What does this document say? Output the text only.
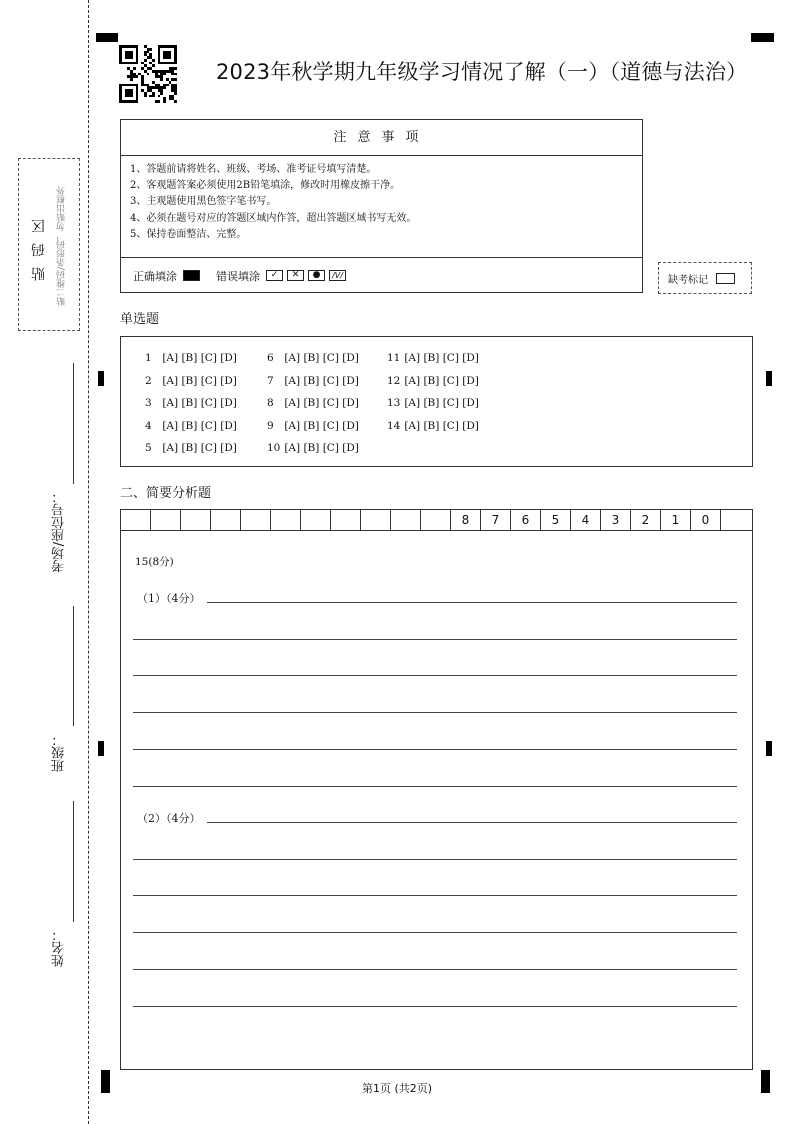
2023年秋学期九年级学习情况了解（一）（道德与法治）
注意事项
1、答题前请将姓名、班级、考场、准考证号填写清楚。
2、客观题答案必须使用2B铅笔填涂，修改时用橡皮擦干净。
3、主观题使用黑色签字笔书写。
4、必须在题号对应的答题区域内作答，超出答题区域书写无效。
5、保持卷面整洁、完整。
正确填涂	错误填涂	✓	✕	●	/V/
贴码区	贴二维码/条形码，勿贴出框外	缺考标记
单选题
1 [A] [B] [C] [D]
2 [A] [B] [C] [D]
3 [A] [B] [C] [D]
4 [A] [B] [C] [D]
5 [A] [B] [C] [D]
6 [A] [B] [C] [D]
7 [A] [B] [C] [D]
8 [A] [B] [C] [D]
9 [A] [B] [C] [D]
10 [A] [B] [C] [D]
11 [A] [B] [C] [D]
12 [A] [B] [C] [D]
13 [A] [B] [C] [D]
14 [A] [B] [C] [D]
二、简要分析题
8	7	6	5	4	3	2	1	0
15(8分)
（1）（4分）
（2）（4分）
考场/座位号：
班级：
姓名：
第1页 (共2页)
